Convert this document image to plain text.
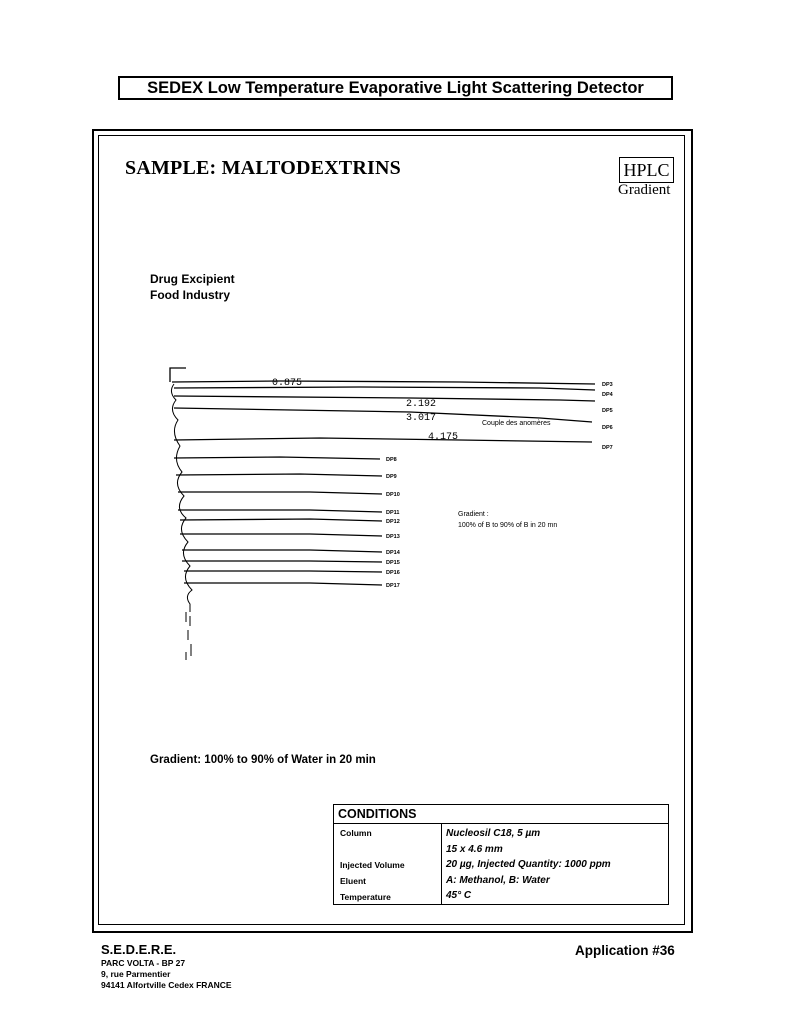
SEDEX Low Temperature Evaporative Light Scattering Detector
SAMPLE: MALTODEXTRINS	HPLC
Gradient
Drug Excipient
Food Industry
0.875
2.192
3.017
4.175
DP3
DP4
DP5
DP6
DP7
DP8
DP9
DP10
DP11
DP12
DP13
DP14
DP15
DP16
DP17
Couple des anomères
Gradient :
100% of B to 90% of B in 20 mn
Gradient: 100% to 90% of Water in 20 min
CONDITIONS
Column
Injected Volume
Eluent
Temperature
Nucleosil C18, 5 µm
15 x 4.6 mm
20 µg, Injected Quantity: 1000 ppm
A: Methanol, B: Water
45° C
S.E.D.E.R.E.
PARC VOLTA - BP 27
9, rue Parmentier
94141 Alfortville Cedex FRANCE
Application #36
